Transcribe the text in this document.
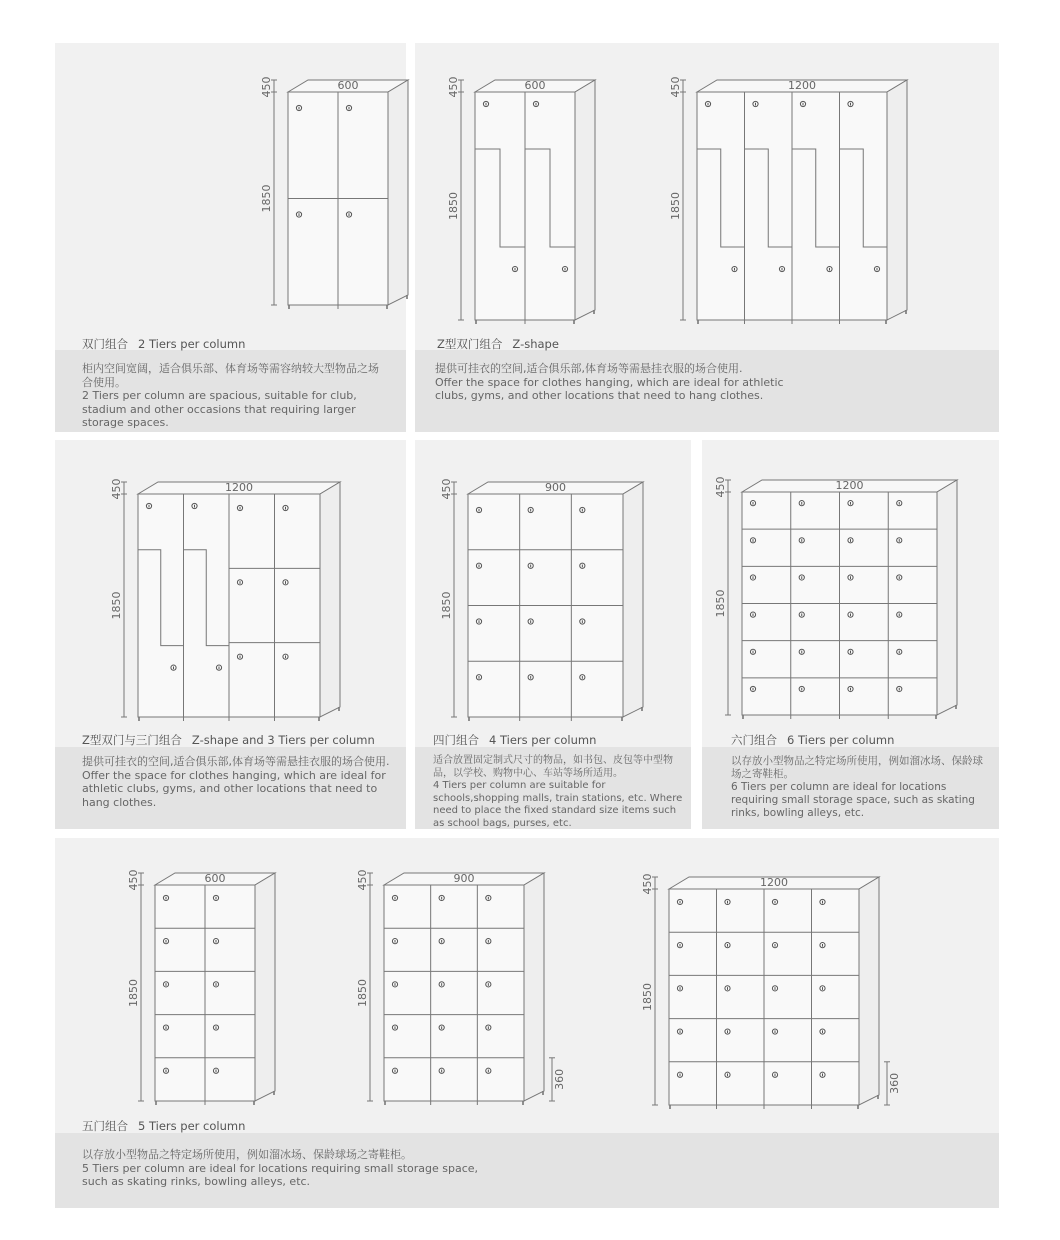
450
1850
600	450
1850
600	450
1850
1200
450
1850
1200	450
1850
900	450
1850
1200
450
1850
600	450
1850
900
360
450
1850
1200
360
双门组合 2 Tiers per column

柜内空间宽阔，适合俱乐部、体育场等需容纳较大型物品之场合使用。

2 Tiers per column are spacious, suitable for club, stadium and other occasions that requiring larger storage spaces.

Z型双门组合 Z-shape

提供可挂衣的空间,适合俱乐部,体育场等需悬挂衣服的场合使用.

Offer the space for clothes hanging, which are ideal for athletic clubs, gyms, and other locations that need to hang clothes.

Z型双门与三门组合 Z-shape and 3 Tiers per column

提供可挂衣的空间,适合俱乐部,体育场等需悬挂衣服的场合使用.

Offer the space for clothes hanging, which are ideal for athletic clubs, gyms, and other locations that need to hang clothes.

四门组合 4 Tiers per column

适合放置固定制式尺寸的物品，如书包、皮包等中型物品，以学校、购物中心、车站等场所适用。

4 Tiers per column are suitable for schools,shopping malls, train stations, etc. Where need to place the fixed standard size items such as school bags, purses, etc.

六门组合 6 Tiers per column

以存放小型物品之特定场所使用，例如溜冰场、保龄球场之寄鞋柜。

6 Tiers per column are ideal for locations requiring small storage space, such as skating rinks, bowling alleys, etc.

五门组合 5 Tiers per column

以存放小型物品之特定场所使用，例如溜冰场、保龄球场之寄鞋柜。

5 Tiers per column are ideal for locations requiring small storage space, such as skating rinks, bowling alleys, etc.
